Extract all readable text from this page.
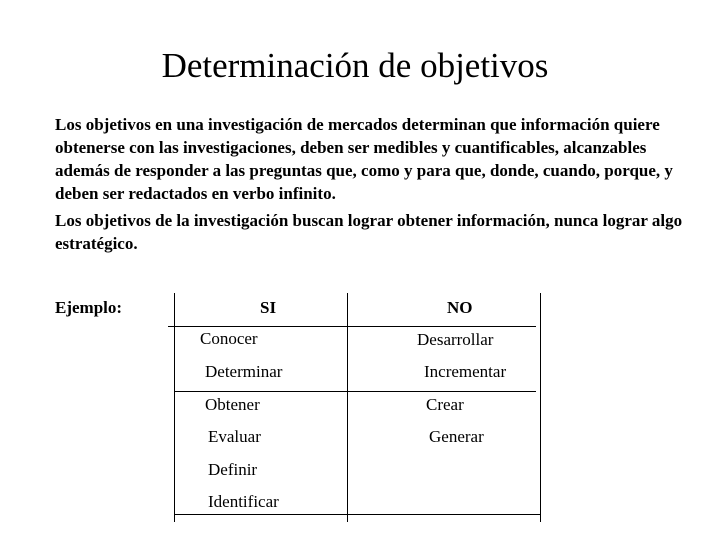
Determinación de objetivos

Los objetivos en una investigación de mercados determinan que información quiere obtenerse con las investigaciones, deben ser medibles y cuantificables, alcanzables además de responder a las preguntas que, como y para que, donde, cuando, porque, y deben ser redactados en verbo infinito.

Los objetivos de la investigación buscan lograr obtener información, nunca lograr algo estratégico.

Ejemplo:	SI	NO
Conocer
Determinar
Obtener
Evaluar
Definir
Identificar
Desarrollar
Incrementar
Crear
Generar
